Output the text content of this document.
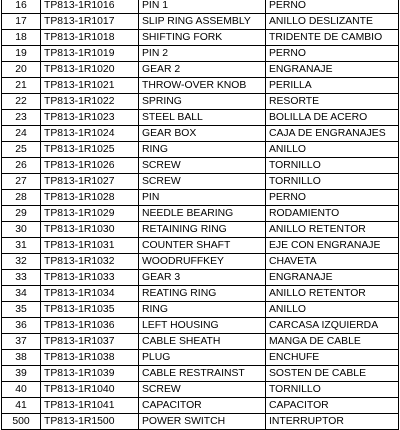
16	TP813-1R1016	PIN 1	PERNO
17	TP813-1R1017	SLIP RING ASSEMBLY	ANILLO DESLIZANTE
18	TP813-1R1018	SHIFTING FORK	TRIDENTE DE CAMBIO
19	TP813-1R1019	PIN 2	PERNO
20	TP813-1R1020	GEAR 2	ENGRANAJE
21	TP813-1R1021	THROW-OVER KNOB	PERILLA
22	TP813-1R1022	SPRING	RESORTE
23	TP813-1R1023	STEEL BALL	BOLILLA DE ACERO
24	TP813-1R1024	GEAR BOX	CAJA DE ENGRANAJES
25	TP813-1R1025	RING	ANILLO
26	TP813-1R1026	SCREW	TORNILLO
27	TP813-1R1027	SCREW	TORNILLO
28	TP813-1R1028	PIN	PERNO
29	TP813-1R1029	NEEDLE BEARING	RODAMIENTO
30	TP813-1R1030	RETAINING RING	ANILLO RETENTOR
31	TP813-1R1031	COUNTER SHAFT	EJE CON ENGRANAJE
32	TP813-1R1032	WOODRUFFKEY	CHAVETA
33	TP813-1R1033	GEAR 3	ENGRANAJE
34	TP813-1R1034	REATING RING	ANILLO RETENTOR
35	TP813-1R1035	RING	ANILLO
36	TP813-1R1036	LEFT HOUSING	CARCASA IZQUIERDA
37	TP813-1R1037	CABLE SHEATH	MANGA DE CABLE
38	TP813-1R1038	PLUG	ENCHUFE
39	TP813-1R1039	CABLE RESTRAINST	SOSTEN DE CABLE
40	TP813-1R1040	SCREW	TORNILLO
41	TP813-1R1041	CAPACITOR	CAPACITOR
500	TP813-1R1500	POWER SWITCH	INTERRUPTOR
